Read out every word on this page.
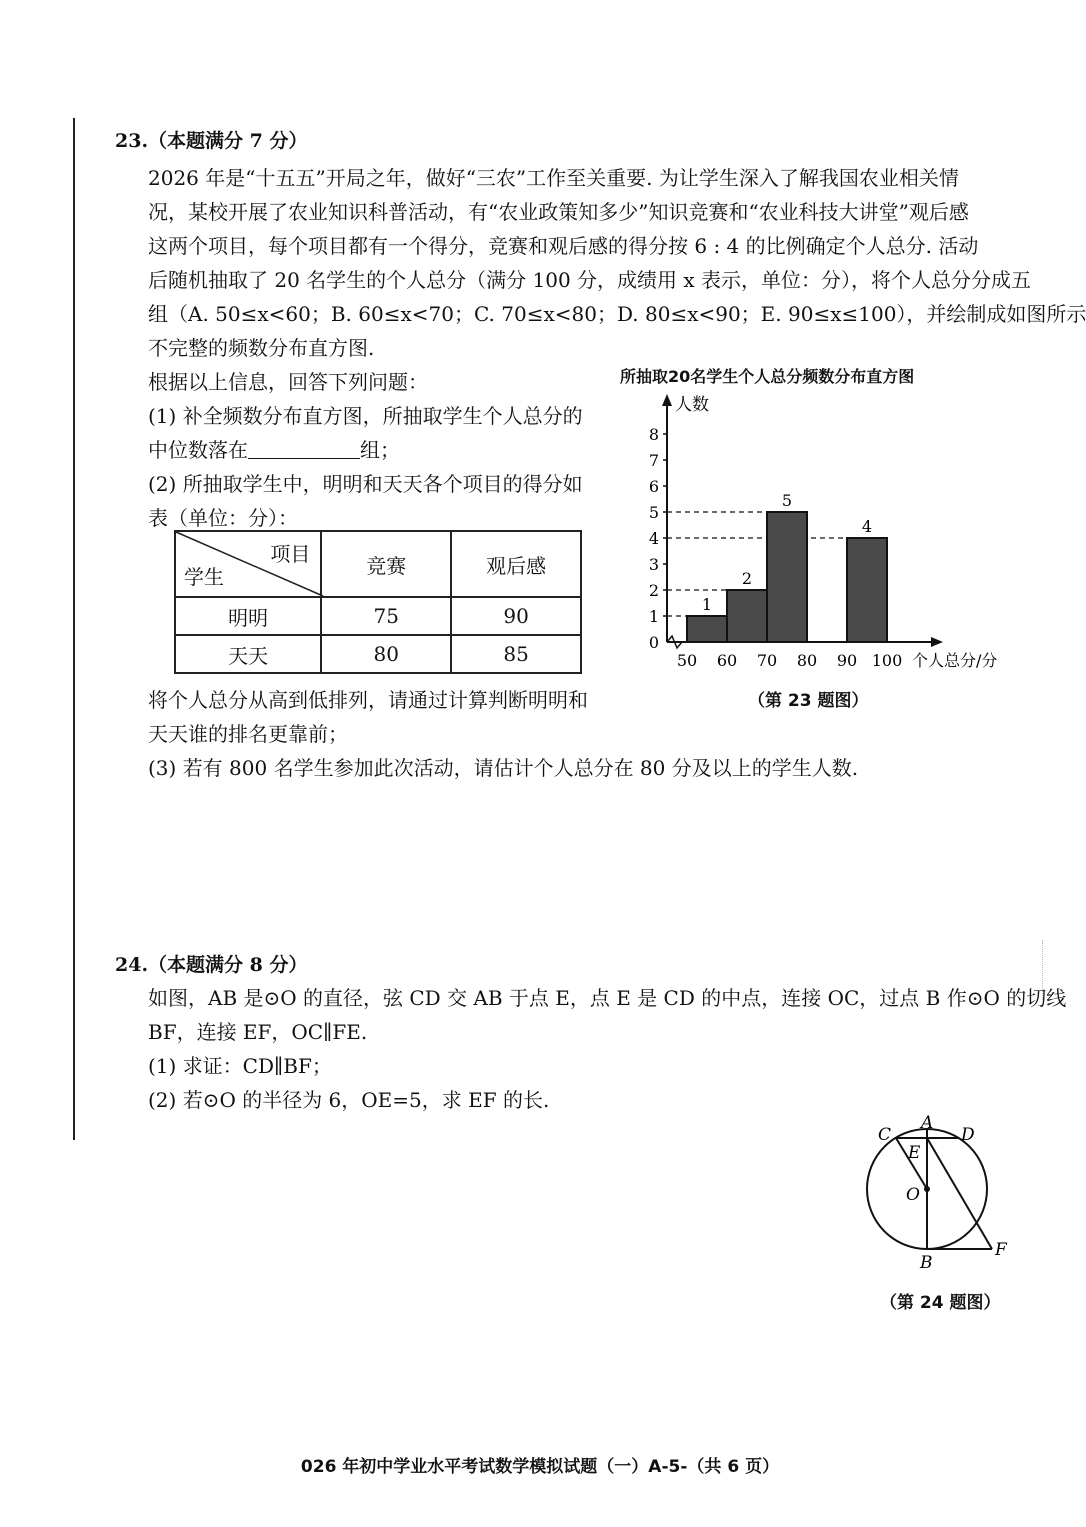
23.（本题满分 7 分）
2026 年是“十五五”开局之年，做好“三农”工作至关重要. 为让学生深入了解我国农业相关情
况，某校开展了农业知识科普活动，有“农业政策知多少”知识竞赛和“农业科技大讲堂”观后感
这两个项目，每个项目都有一个得分，竞赛和观后感的得分按 6 : 4 的比例确定个人总分. 活动
后随机抽取了 20 名学生的个人总分（满分 100 分，成绩用 x 表示，单位：分），将个人总分分成五
组（A. 50≤x<60；B. 60≤x<70；C. 70≤x<80；D. 80≤x<90；E. 90≤x≤100），并绘制成如图所示
不完整的频数分布直方图.
根据以上信息，回答下列问题：
(1) 补全频数分布直方图，所抽取学生个人总分的
中位数落在	组；
(2) 所抽取学生中，明明和天天各个项目的得分如
表（单位：分）：
项目
学生	竞赛	观后感
明明	75	90
天天	80	85
将个人总分从高到低排列，请通过计算判断明明和
天天谁的排名更靠前；
(3) 若有 800 名学生参加此次活动，请估计个人总分在 80 分及以上的学生人数.
所抽取20名学生个人总分频数分布直方图
0
1
2
3
4
5
6
7
8
50 60 70 80 90 100
1
2
5
4
人数
个人总分/分
（第 23 题图）
24.（本题满分 8 分）
如图，AB 是⊙O 的直径，弦 CD 交 AB 于点 E，点 E 是 CD 的中点，连接 OC，过点 B 作⊙O 的切线
BF，连接 EF，OC∥FE.
(1) 求证：CD∥BF；
(2) 若⊙O 的半径为 6，OE=5，求 EF 的长.
A
C	D
E
O
B
F
（第 24 题图）
026 年初中学业水平考试数学模拟试题（一）A-5-（共 6 页）
